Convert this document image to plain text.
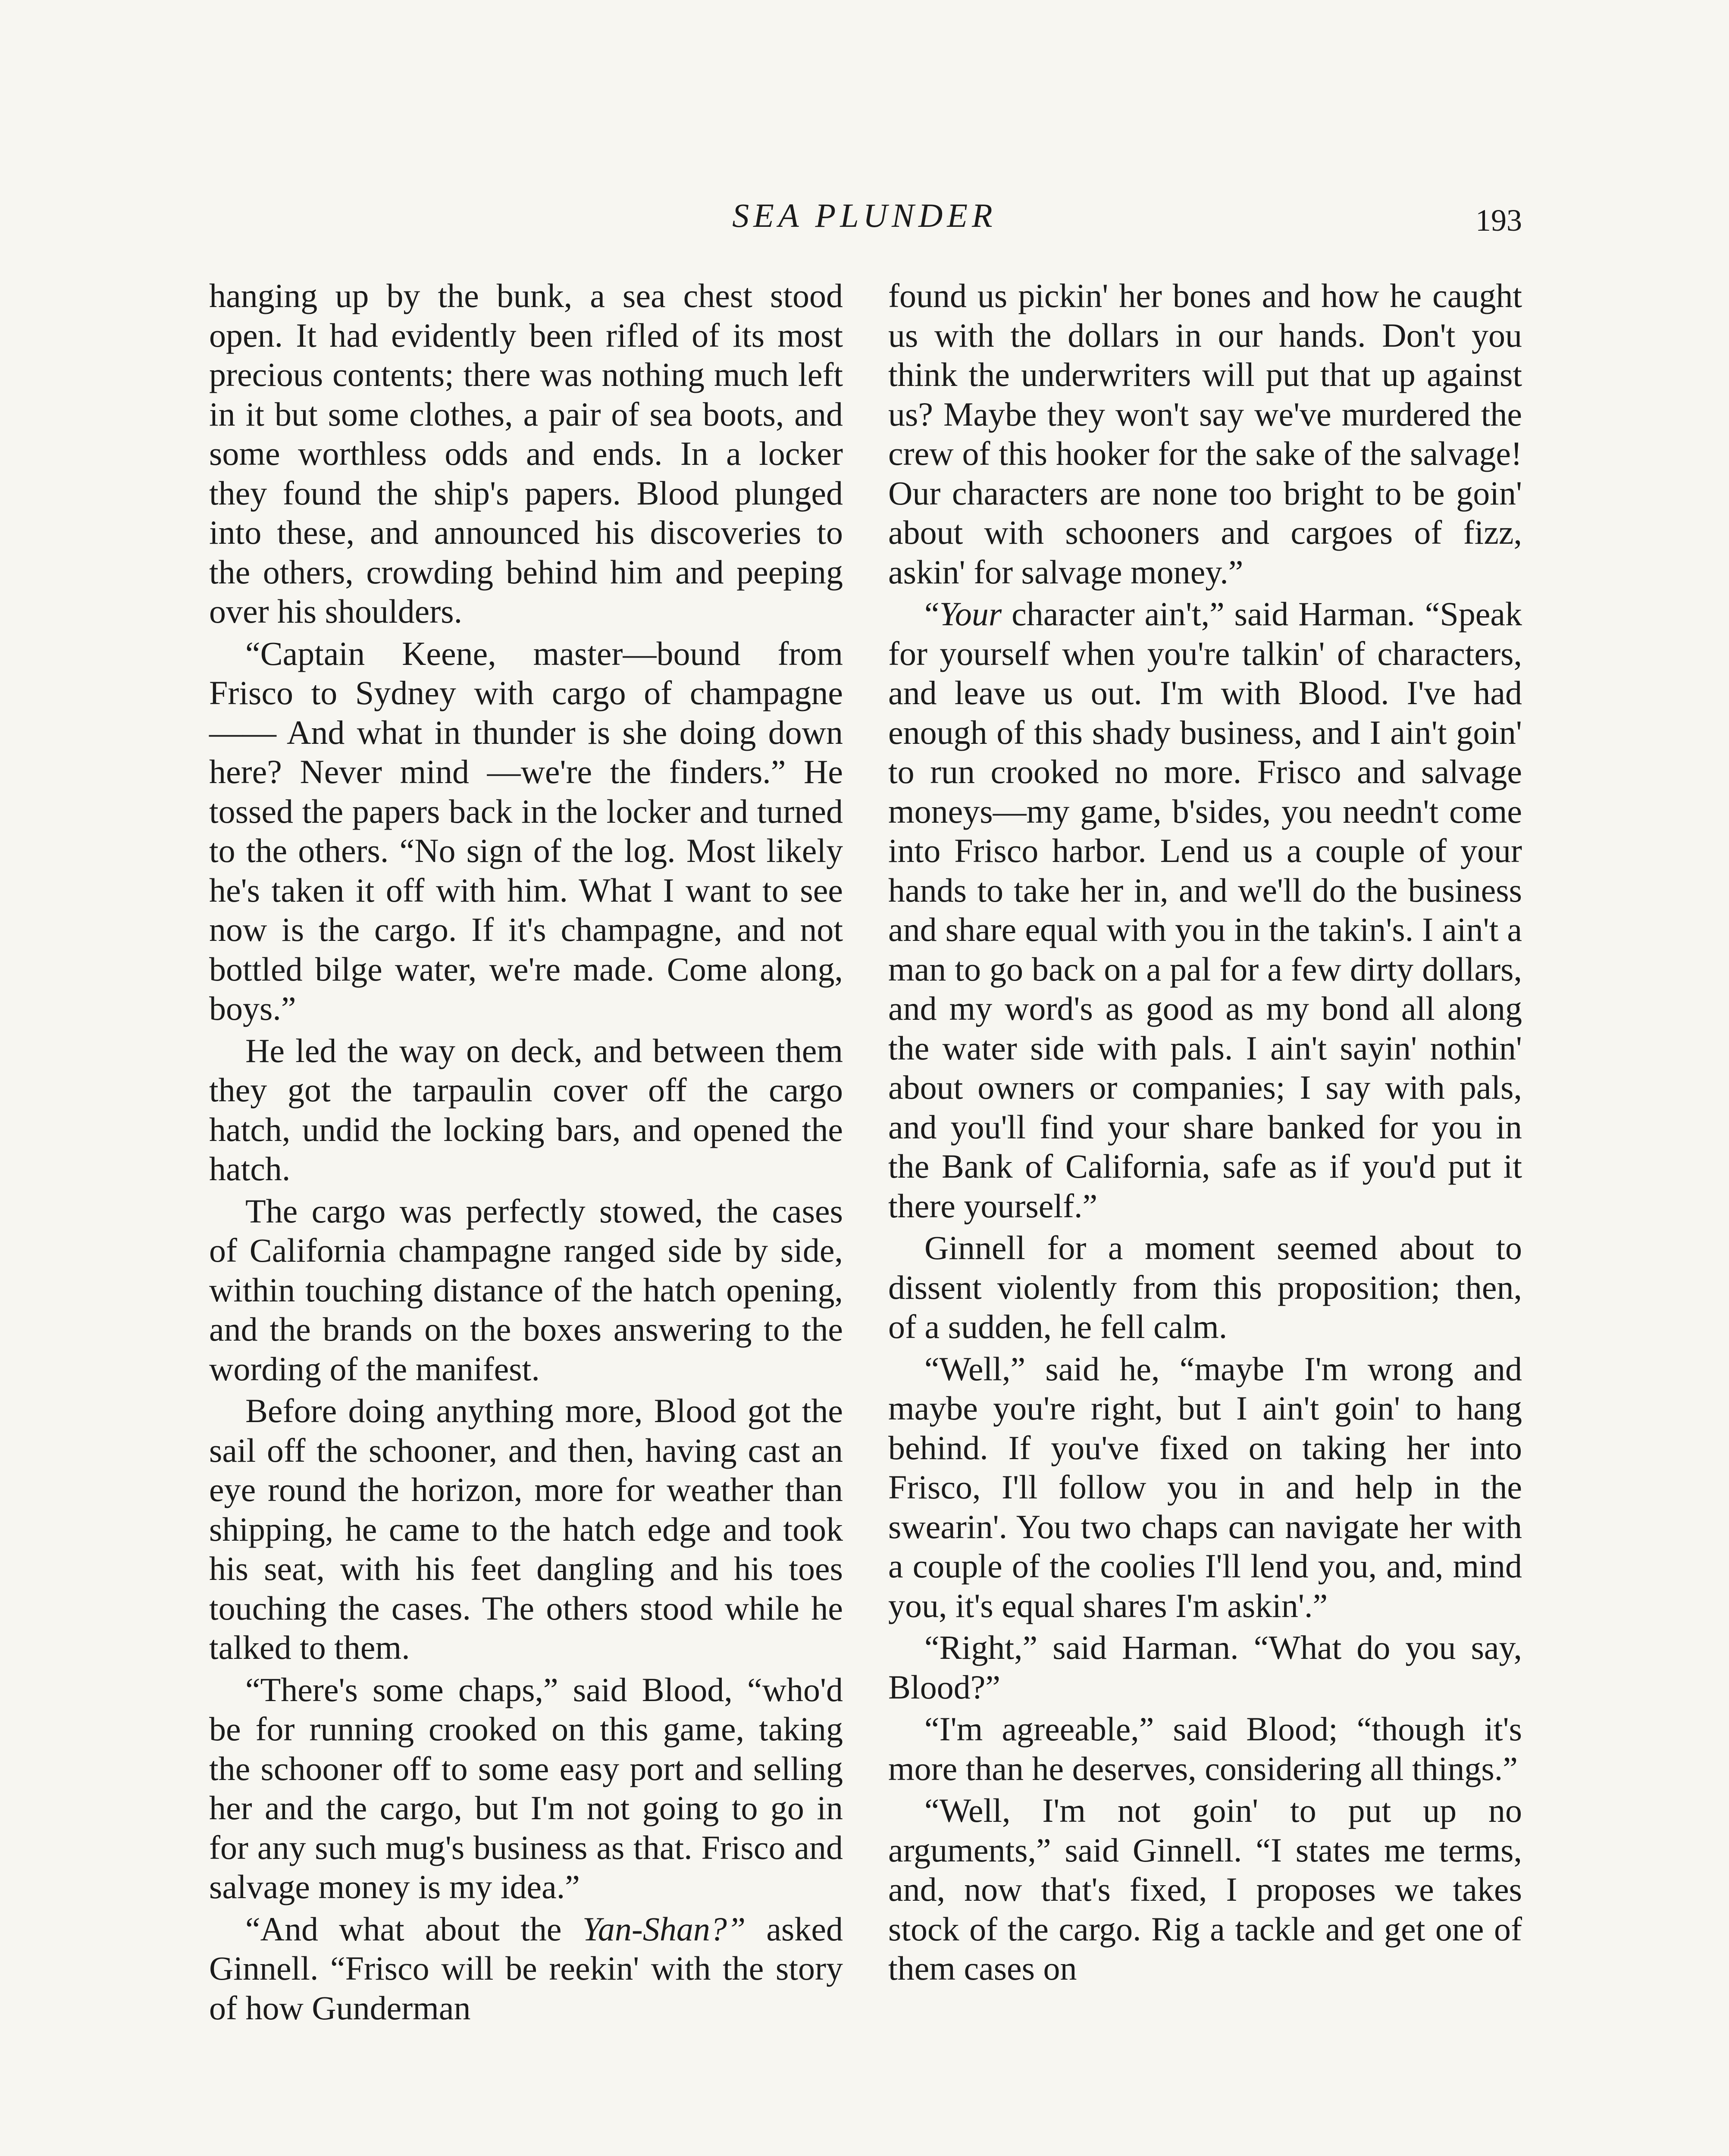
SEA PLUNDER	193

hanging up by the bunk, a sea chest stood open. It had evidently been rifled of its most precious contents; there was nothing much left in it but some clothes, a pair of sea boots, and some worthless odds and ends. In a locker they found the ship's papers. Blood plunged into these, and announced his discoveries to the others, crowding behind him and peeping over his shoulders.

“Captain Keene, master—bound from Frisco to Sydney with cargo of champagne—— And what in thunder is she doing down here? Never mind —we're the finders.” He tossed the papers back in the locker and turned to the others. “No sign of the log. Most likely he's taken it off with him. What I want to see now is the cargo. If it's champagne, and not bottled bilge water, we're made. Come along, boys.”

He led the way on deck, and between them they got the tarpaulin cover off the cargo hatch, undid the locking bars, and opened the hatch.

The cargo was perfectly stowed, the cases of California champagne ranged side by side, within touching distance of the hatch opening, and the brands on the boxes answering to the wording of the manifest.

Before doing anything more, Blood got the sail off the schooner, and then, having cast an eye round the horizon, more for weather than shipping, he came to the hatch edge and took his seat, with his feet dangling and his toes touching the cases. The others stood while he talked to them.

“There's some chaps,” said Blood, “who'd be for running crooked on this game, taking the schooner off to some easy port and selling her and the cargo, but I'm not going to go in for any such mug's business as that. Frisco and salvage money is my idea.”

“And what about the Yan-Shan?” asked Ginnell. “Frisco will be reekin' with the story of how Gunderman

found us pickin' her bones and how he caught us with the dollars in our hands. Don't you think the underwriters will put that up against us? Maybe they won't say we've murdered the crew of this hooker for the sake of the salvage! Our characters are none too bright to be goin' about with schooners and cargoes of fizz, askin' for salvage money.”

“Your character ain't,” said Harman. “Speak for yourself when you're talkin' of characters, and leave us out. I'm with Blood. I've had enough of this shady business, and I ain't goin' to run crooked no more. Frisco and salvage moneys—my game, b'sides, you needn't come into Frisco harbor. Lend us a couple of your hands to take her in, and we'll do the business and share equal with you in the takin's. I ain't a man to go back on a pal for a few dirty dollars, and my word's as good as my bond all along the water side with pals. I ain't sayin' nothin' about owners or companies; I say with pals, and you'll find your share banked for you in the Bank of California, safe as if you'd put it there yourself.”

Ginnell for a moment seemed about to dissent violently from this proposition; then, of a sudden, he fell calm.

“Well,” said he, “maybe I'm wrong and maybe you're right, but I ain't goin' to hang behind. If you've fixed on taking her into Frisco, I'll follow you in and help in the swearin'. You two chaps can navigate her with a couple of the coolies I'll lend you, and, mind you, it's equal shares I'm askin'.”

“Right,” said Harman. “What do you say, Blood?”

“I'm agreeable,” said Blood; “though it's more than he deserves, considering all things.”

“Well, I'm not goin' to put up no arguments,” said Ginnell. “I states me terms, and, now that's fixed, I proposes we takes stock of the cargo. Rig a tackle and get one of them cases on
